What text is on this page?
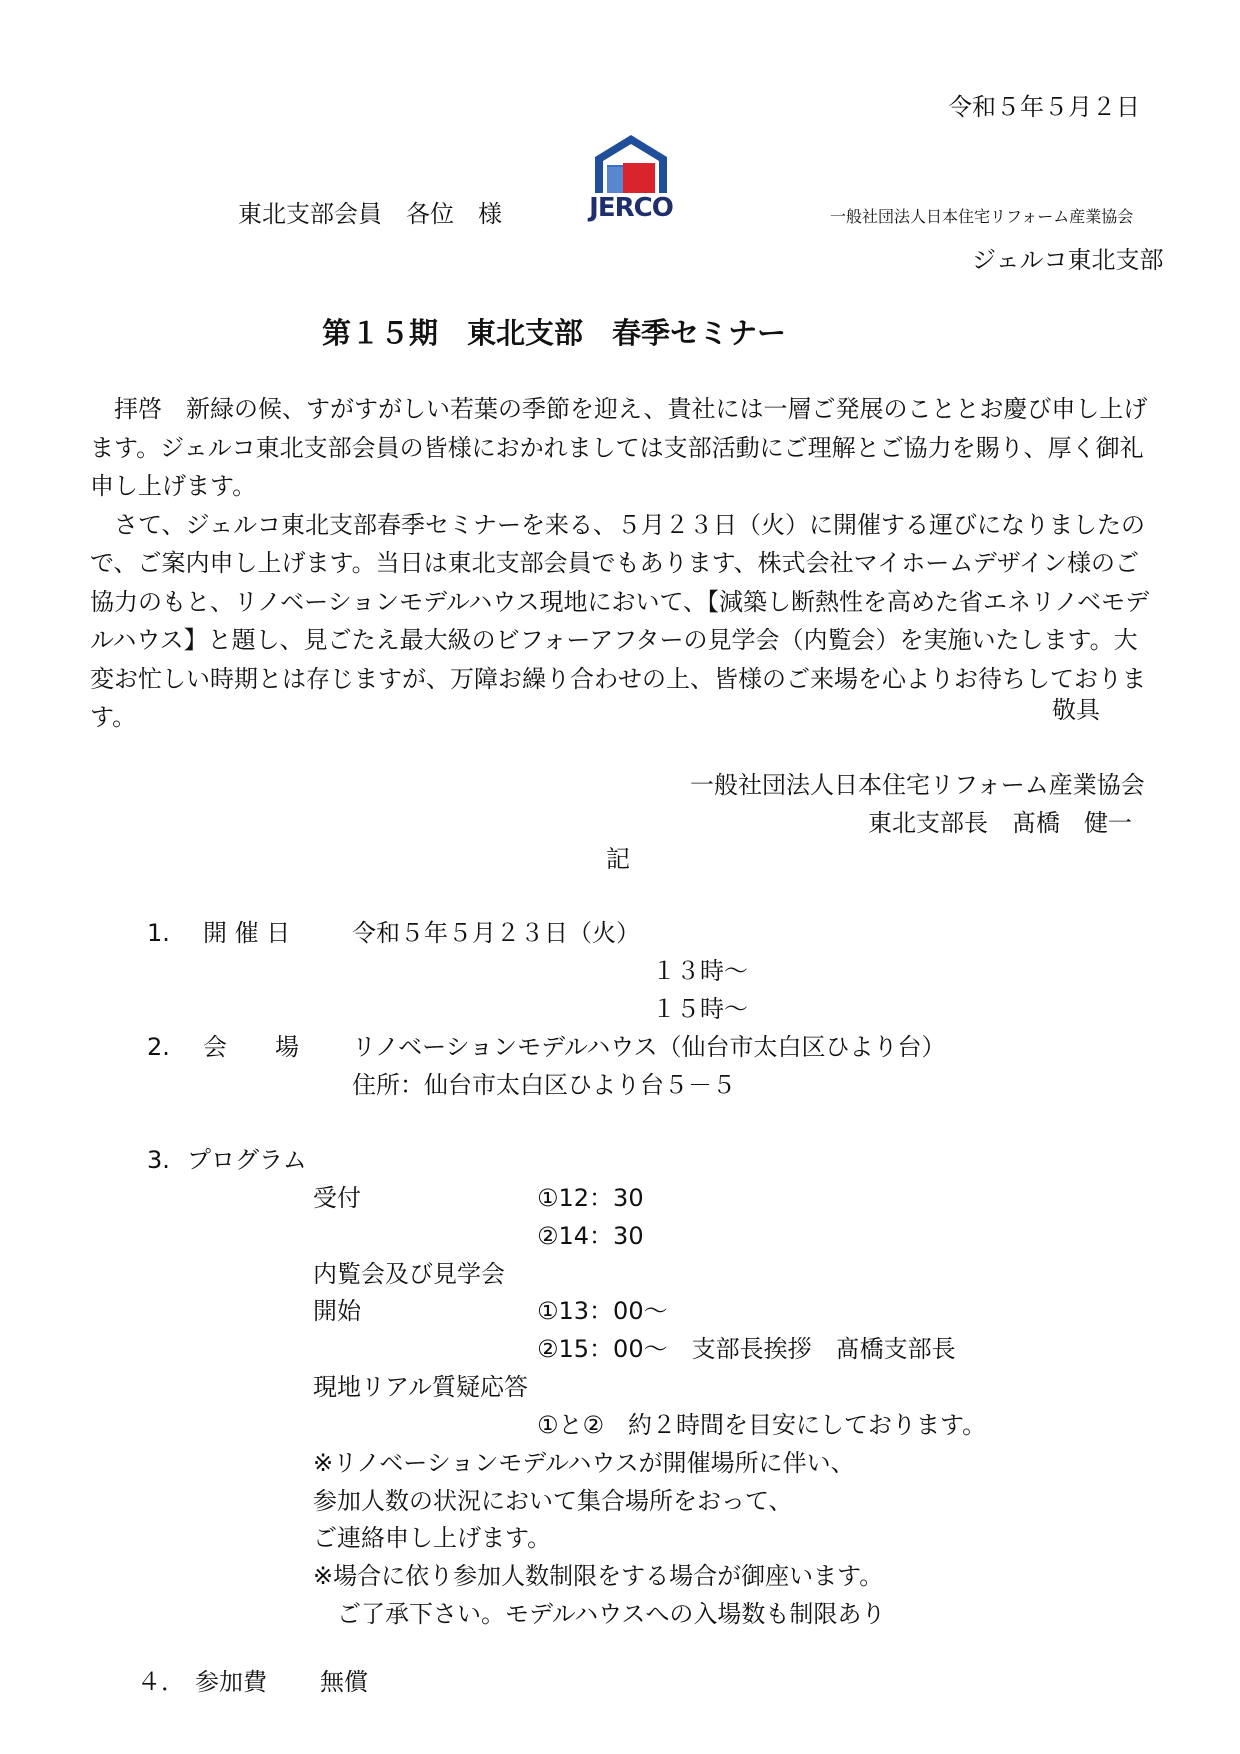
令和５年５月２日
東北支部会員　各位　様	JERCO	一般社団法人日本住宅リフォーム産業協会
ジェルコ東北支部
第１５期　東北支部　春季セミナー

　拝啓　新緑の候、すがすがしい若葉の季節を迎え、貴社には一層ご発展のこととお慶び申し上げます。ジェルコ東北支部会員の皆様におかれましては支部活動にご理解とご協力を賜り、厚く御礼申し上げます。

　さて、ジェルコ東北支部春季セミナーを来る、５月２３日（火）に開催する運びになりましたので、ご案内申し上げます。当日は東北支部会員でもあります、株式会社マイホームデザイン様のご協力のもと、リノベーションモデルハウス現地において、【減築し断熱性を高めた省エネリノベモデルハウス】と題し、見ごたえ最大級のビフォーアフターの見学会（内覧会）を実施いたします。大変お忙しい時期とは存じますが、万障お繰り合わせの上、皆様のご来場を心よりお待ちしております。	敬具
一般社団法人日本住宅リフォーム産業協会
東北支部長　髙橋　健一
記
1. 開 催 日	令和５年５月２３日（火）
１３時～
１５時～
2. 会　　場 リノベーションモデルハウス（仙台市太白区ひより台）
住所：仙台市太白区ひより台５－５
3. プログラム
受付	①12：30
②14：30
内覧会及び見学会
開始	①13：00～
②15：00～　支部長挨拶　髙橋支部長
現地リアル質疑応答
①と②　約２時間を目安にしております。
※リノベーションモデルハウスが開催場所に伴い、
参加人数の状況において集合場所をおって、
ご連絡申し上げます。
※場合に依り参加人数制限をする場合が御座います。
　ご了承下さい。モデルハウスへの入場数も制限あり
４． 参加費 無償
